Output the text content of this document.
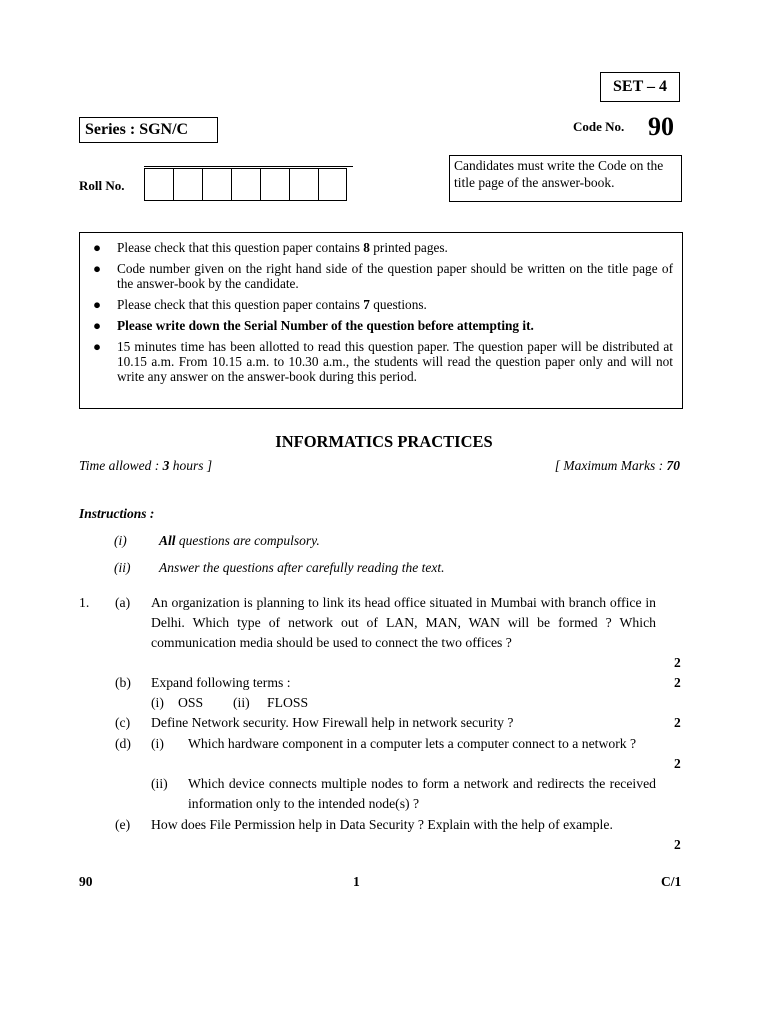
SET – 4
Series : SGN/C	Code No. 90
Roll No.
Candidates must write the Code on the title page of the answer-book.
● Please check that this question paper contains 8 printed pages.
● Code number given on the right hand side of the question paper should be written on the title page of the answer-book by the candidate.
● Please check that this question paper contains 7 questions.
● Please write down the Serial Number of the question before attempting it.
● 15 minutes time has been allotted to read this question paper. The question paper will be distributed at 10.15 a.m. From 10.15 a.m. to 10.30 a.m., the students will read the question paper only and will not write any answer on the answer-book during this period.
INFORMATICS PRACTICES
Time allowed : 3 hours ]	[ Maximum Marks : 70
Instructions :
(i) All questions are compulsory.
(ii) Answer the questions after carefully reading the text.
1. (a) An organization is planning to link its head office situated in Mumbai with branch office in Delhi. Which type of network out of LAN, MAN, WAN will be formed ? Which communication media should be used to connect the two offices ?
2
(b) Expand following terms :	2
(i) OSS (ii) FLOSS
(c) Define Network security. How Firewall help in network security ?	2
(d) (i) Which hardware component in a computer lets a computer connect to a network ?
2
(ii) Which device connects multiple nodes to form a network and redirects the received information only to the intended node(s) ?
(e) How does File Permission help in Data Security ? Explain with the help of example.
2
90	1	C/1
